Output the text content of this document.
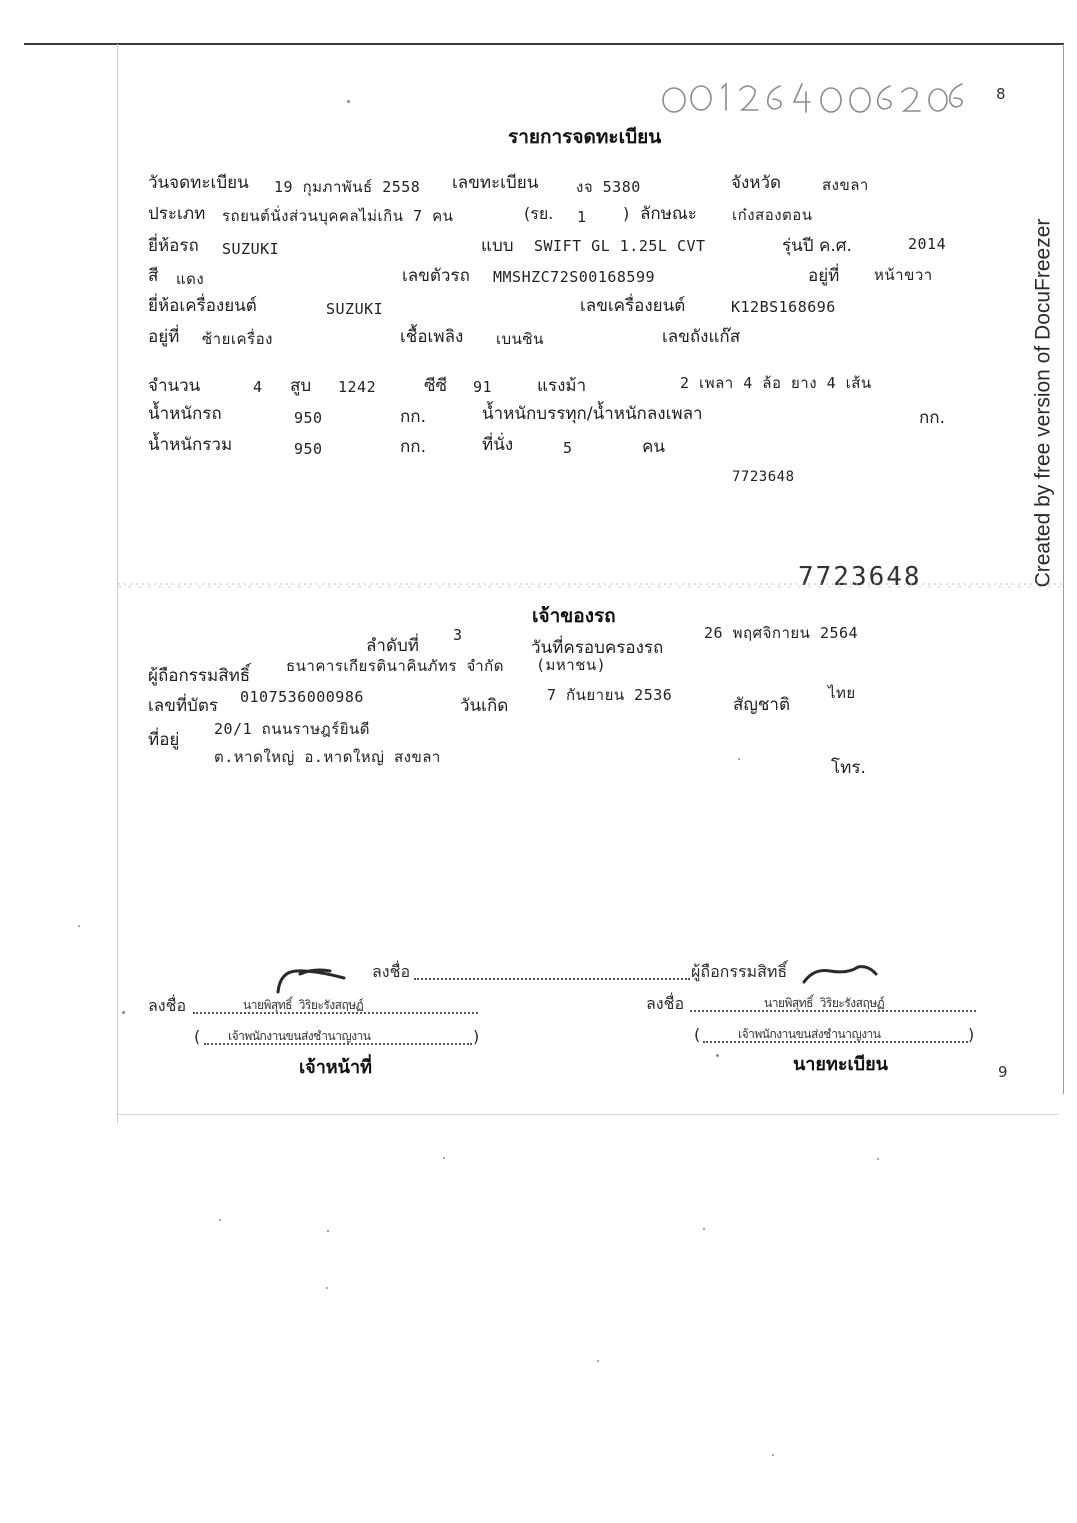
8
Created by free version of DocuFreezer
รายการจดทะเบียน
วันจดทะเบียน 19 กุมภาพันธ์ 2558 เลขทะเบียน	งจ 5380	จังหวัด	สงขลา
ประเภท รถยนต์นั่งส่วนบุคคลไม่เกิน 7 คน	(รย. 1 ) ลักษณะ เก๋งสองตอน
ยี่ห้อรถ SUZUKI	แบบ SWIFT GL 1.25L CVT	รุ่นปี ค.ศ.	2014
สี แดง	เลขตัวรถ MMSHZC72S00168599	อยู่ที่ หน้าขวา
ยี่ห้อเครื่องยนต์	SUZUKI	เลขเครื่องยนต์	K12BS168696
อยู่ที่ ซ้ายเครื่อง	เชื้อเพลิง เบนซิน	เลขถังแก๊ส
จำนวน	4 สูบ 1242	ซีซี 91	แรงม้า	2 เพลา 4 ล้อ ยาง 4 เส้น
น้ำหนักรถ	950	กก.	น้ำหนักบรรทุก/น้ำหนักลงเพลา	กก.
น้ำหนักรวม	950	กก.	ที่นั่ง	5	คน
7723648
7723648
เจ้าของรถ
ลำดับที่
3
วันที่ครอบครองรถ
26 พฤศจิกายน 2564
ผู้ถือกรรมสิทธิ์ ธนาคารเกียรตินาคินภัทร จำกัด (มหาชน)
เลขที่บัตร 0107536000986	วันเกิด
7 กันยายน 2536	สัญชาติ
ไทย
ที่อยู่
20/1 ถนนราษฎร์ยินดี
ต.หาดใหญ่ อ.หาดใหญ่ สงขลา
โทร.
ลงชื่อ	ผู้ถือกรรมสิทธิ์
ลงชื่อ	นายพิสุทธิ์ วิริยะรังสฤษฏ์
( เจ้าพนักงานขนส่งชำนาญงาน	)
เจ้าหน้าที่
ลงชื่อ	นายพิสุทธิ์ วิริยะรังสฤษฏ์
(	เจ้าพนักงานขนส่งชำนาญงาน	)
นายทะเบียน	9
